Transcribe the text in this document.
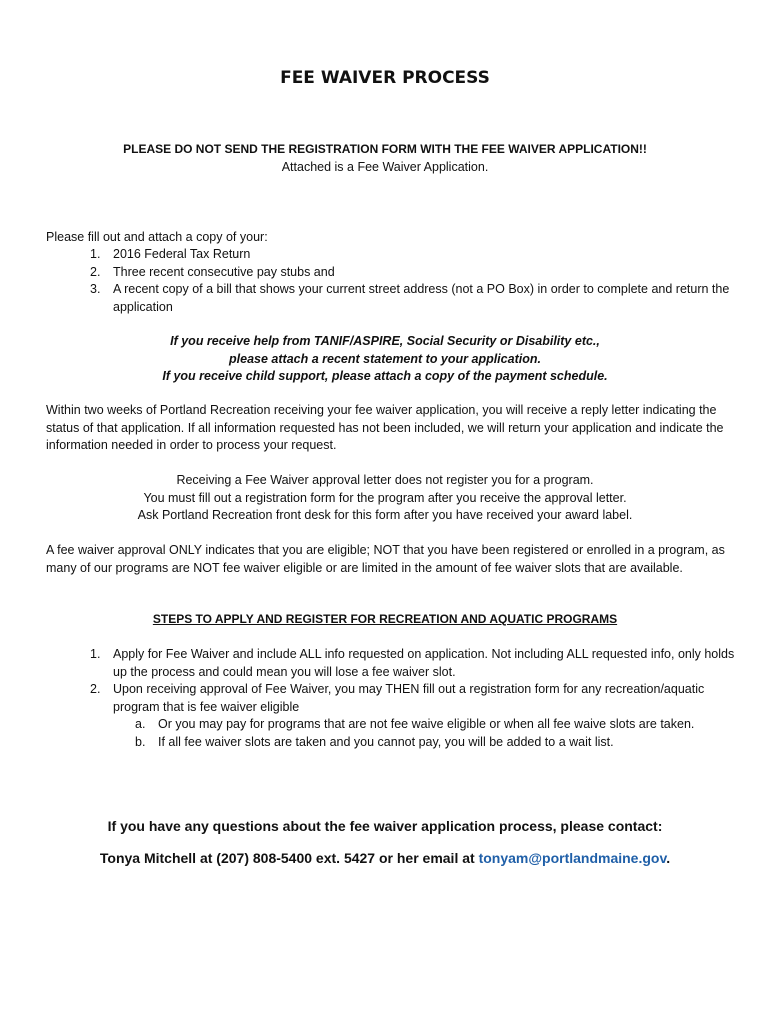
FEE WAIVER PROCESS
PLEASE DO NOT SEND THE REGISTRATION FORM WITH THE FEE WAIVER APPLICATION!!
Attached is a Fee Waiver Application.
Please fill out and attach a copy of your:
1. 2016 Federal Tax Return
2. Three recent consecutive pay stubs and
3. A recent copy of a bill that shows your current street address (not a PO Box) in order to complete and return the application
If you receive help from TANIF/ASPIRE, Social Security or Disability etc.,
please attach a recent statement to your application.
If you receive child support, please attach a copy of the payment schedule.
Within two weeks of Portland Recreation receiving your fee waiver application, you will receive a reply letter indicating the status of that application. If all information requested has not been included, we will return your application and indicate the information needed in order to process your request.
Receiving a Fee Waiver approval letter does not register you for a program.
You must fill out a registration form for the program after you receive the approval letter.
Ask Portland Recreation front desk for this form after you have received your award label.
A fee waiver approval ONLY indicates that you are eligible; NOT that you have been registered or enrolled in a program, as many of our programs are NOT fee waiver eligible or are limited in the amount of fee waiver slots that are available.
STEPS TO APPLY AND REGISTER FOR RECREATION AND AQUATIC PROGRAMS
1. Apply for Fee Waiver and include ALL info requested on application. Not including ALL requested info, only holds up the process and could mean you will lose a fee waiver slot.
2. Upon receiving approval of Fee Waiver, you may THEN fill out a registration form for any recreation/aquatic program that is fee waiver eligible
a. Or you may pay for programs that are not fee waive eligible or when all fee waive slots are taken.
b. If all fee waiver slots are taken and you cannot pay, you will be added to a wait list.
If you have any questions about the fee waiver application process, please contact:
Tonya Mitchell at (207) 808-5400 ext. 5427 or her email at tonyam@portlandmaine.gov.
